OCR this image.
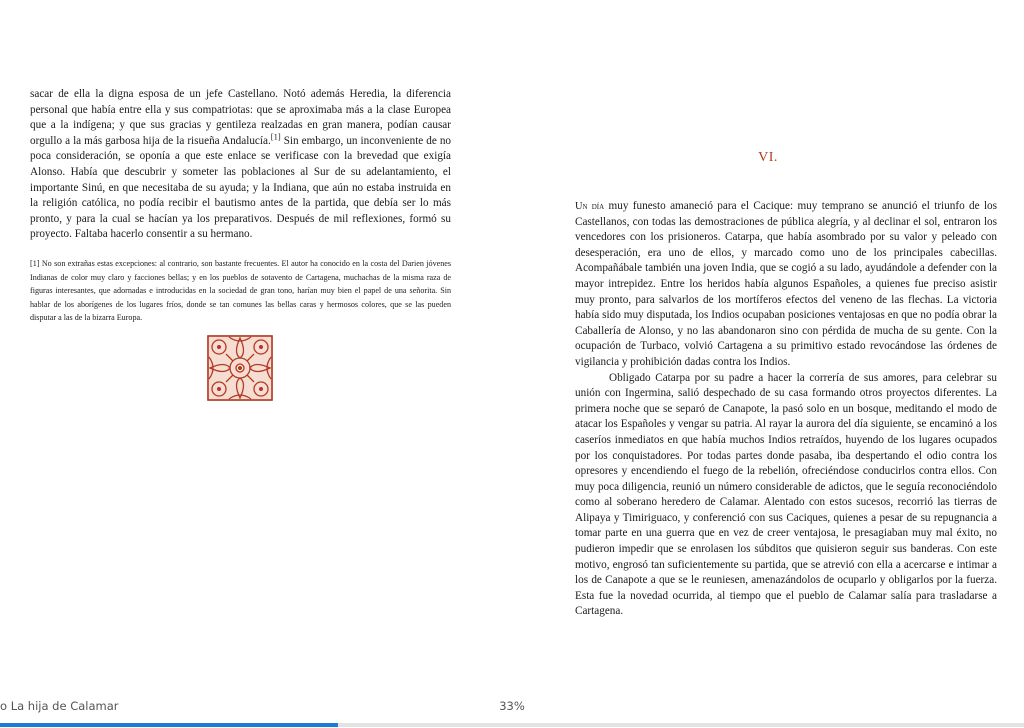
sacar de ella la digna esposa de un jefe Castellano. Notó además Heredia, la diferencia personal que había entre ella y sus compatriotas: que se aproximaba más a la clase Europea que a la indígena; y que sus gracias y gentileza realzadas en gran manera, podían causar orgullo a la más garbosa hija de la risueña Andalucía.[1] Sin embargo, un inconveniente de no poca consideración, se oponía a que este enlace se verificase con la brevedad que exigía Alonso. Había que descubrir y someter las poblaciones al Sur de su adelantamiento, el importante Sinú, en que necesitaba de su ayuda; y la Indiana, que aún no estaba instruida en la religión católica, no podía recibir el bautismo antes de la partida, que debía ser lo más pronto, y para la cual se hacían ya los preparativos. Después de mil reflexiones, formó su proyecto. Faltaba hacerlo consentir a su hermano.

[1] No son extrañas estas excepciones: al contrario, son bastante frecuentes. El autor ha conocido en la costa del Darien jóvenes Indianas de color muy claro y facciones bellas; y en los pueblos de sotavento de Cartagena, muchachas de la misma raza de figuras interesantes, que adornadas e introducidas en la sociedad de gran tono, harían muy bien el papel de una señorita. Sin hablar de los aborígenes de los lugares fríos, donde se tan comunes las bellas caras y hermosos colores, que se las pueden disputar a las de la bizarra Europa.

VI.

Un día muy funesto amaneció para el Cacique: muy temprano se anunció el triunfo de los Castellanos, con todas las demostraciones de pública alegría, y al declinar el sol, entraron los vencedores con los prisioneros. Catarpa, que había asombrado por su valor y peleado con desesperación, era uno de ellos, y marcado como uno de los principales cabecillas. Acompañábale también una joven India, que se cogió a su lado, ayudándole a defender con la mayor intrepidez. Entre los heridos había algunos Españoles, a quienes fue preciso asistir muy pronto, para salvarlos de los mortíferos efectos del veneno de las flechas. La victoria había sido muy disputada, los Indios ocupaban posiciones ventajosas en que no podía obrar la Caballería de Alonso, y no las abandonaron sino con pérdida de mucha de su gente. Con la ocupación de Turbaco, volvió Cartagena a su primitivo estado revocándose las órdenes de vigilancia y prohibición dadas contra los Indios.

Obligado Catarpa por su padre a hacer la correría de sus amores, para celebrar su unión con Ingermina, salió despechado de su casa formando otros proyectos diferentes. La primera noche que se separó de Canapote, la pasó solo en un bosque, meditando el modo de atacar los Españoles y vengar su patria. Al rayar la aurora del día siguiente, se encaminó a los caseríos inmediatos en que había muchos Indios retraídos, huyendo de los lugares ocupados por los conquistadores. Por todas partes donde pasaba, iba despertando el odio contra los opresores y encendiendo el fuego de la rebelión, ofreciéndose conducirlos contra ellos. Con muy poca diligencia, reunió un número considerable de adictos, que le seguía reconociéndolo como al soberano heredero de Calamar. Alentado con estos sucesos, recorrió las tierras de Alipaya y Timiriguaco, y conferenció con sus Caciques, quienes a pesar de su repugnancia a tomar parte en una guerra que en vez de creer ventajosa, le presagiaban muy mal éxito, no pudieron impedir que se enrolasen los súbditos que quisieron seguir sus banderas. Con este motivo, engrosó tan suficientemente su partida, que se atrevió con ella a acercarse e intimar a los de Canapote a que se le reuniesen, amenazándolos de ocuparlo y obligarlos por la fuerza. Esta fue la novedad ocurrida, al tiempo que el pueblo de Calamar salía para trasladarse a Cartagena.

o La hija de Calamar	33%
